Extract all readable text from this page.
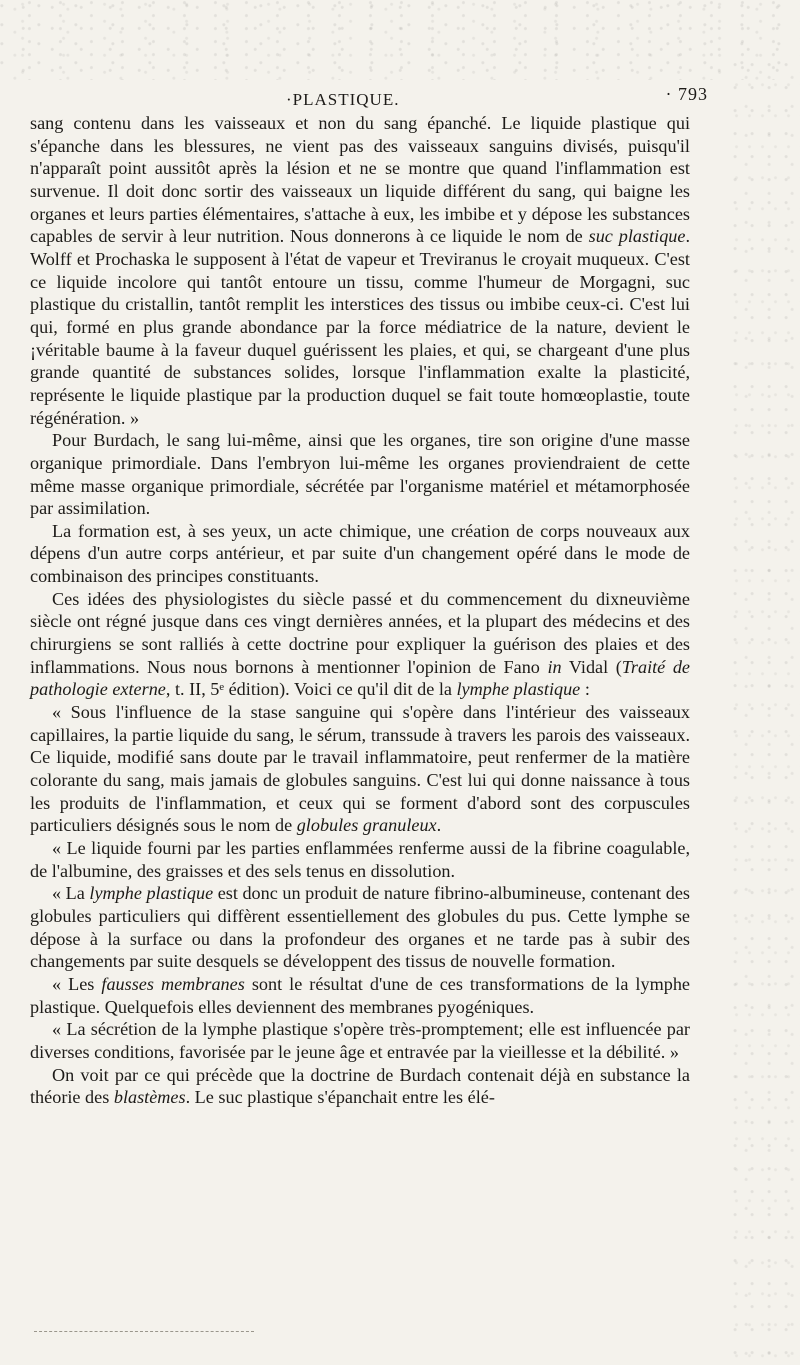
·PLASTIQUE.	· 793

sang contenu dans les vaisseaux et non du sang épanché. Le liquide plastique qui s'épanche dans les blessures, ne vient pas des vaisseaux sanguins divisés, puisqu'il n'apparaît point aussitôt après la lésion et ne se montre que quand l'inflammation est survenue. Il doit donc sortir des vaisseaux un liquide différent du sang, qui baigne les organes et leurs parties élémentaires, s'attache à eux, les imbibe et y dépose les substances capables de servir à leur nutrition. Nous donnerons à ce liquide le nom de suc plastique. Wolff et Prochaska le supposent à l'état de vapeur et Treviranus le croyait muqueux. C'est ce liquide incolore qui tantôt entoure un tissu, comme l'humeur de Morgagni, suc plastique du cristallin, tantôt remplit les interstices des tissus ou imbibe ceux-ci. C'est lui qui, formé en plus grande abondance par la force médiatrice de la nature, devient le ¡véritable baume à la faveur duquel guérissent les plaies, et qui, se chargeant d'une plus grande quantité de substances solides, lorsque l'inflammation exalte la plasticité, représente le liquide plastique par la production duquel se fait toute homœoplastie, toute régénération. »

Pour Burdach, le sang lui-même, ainsi que les organes, tire son origine d'une masse organique primordiale. Dans l'embryon lui-même les organes proviendraient de cette même masse organique primordiale, sécrétée par l'organisme matériel et métamorphosée par assimilation.

La formation est, à ses yeux, un acte chimique, une création de corps nouveaux aux dépens d'un autre corps antérieur, et par suite d'un changement opéré dans le mode de combinaison des principes constituants.

Ces idées des physiologistes du siècle passé et du commencement du dixneuvième siècle ont régné jusque dans ces vingt dernières années, et la plupart des médecins et des chirurgiens se sont ralliés à cette doctrine pour expliquer la guérison des plaies et des inflammations. Nous nous bornons à mentionner l'opinion de Fano in Vidal (Traité de pathologie externe, t. II, 5ᵉ édition). Voici ce qu'il dit de la lymphe plastique :

« Sous l'influence de la stase sanguine qui s'opère dans l'intérieur des vaisseaux capillaires, la partie liquide du sang, le sérum, transsude à travers les parois des vaisseaux. Ce liquide, modifié sans doute par le travail inflammatoire, peut renfermer de la matière colorante du sang, mais jamais de globules sanguins. C'est lui qui donne naissance à tous les produits de l'inflammation, et ceux qui se forment d'abord sont des corpuscules particuliers désignés sous le nom de globules granuleux.

« Le liquide fourni par les parties enflammées renferme aussi de la fibrine coagulable, de l'albumine, des graisses et des sels tenus en dissolution.

« La lymphe plastique est donc un produit de nature fibrino-albumineuse, contenant des globules particuliers qui diffèrent essentiellement des globules du pus. Cette lymphe se dépose à la surface ou dans la profondeur des organes et ne tarde pas à subir des changements par suite desquels se développent des tissus de nouvelle formation.

« Les fausses membranes sont le résultat d'une de ces transformations de la lymphe plastique. Quelquefois elles deviennent des membranes pyogéniques.

« La sécrétion de la lymphe plastique s'opère très-promptement; elle est influencée par diverses conditions, favorisée par le jeune âge et entravée par la vieillesse et la débilité. »

On voit par ce qui précède que la doctrine de Burdach contenait déjà en substance la théorie des blastèmes. Le suc plastique s'épanchait entre les élé-
